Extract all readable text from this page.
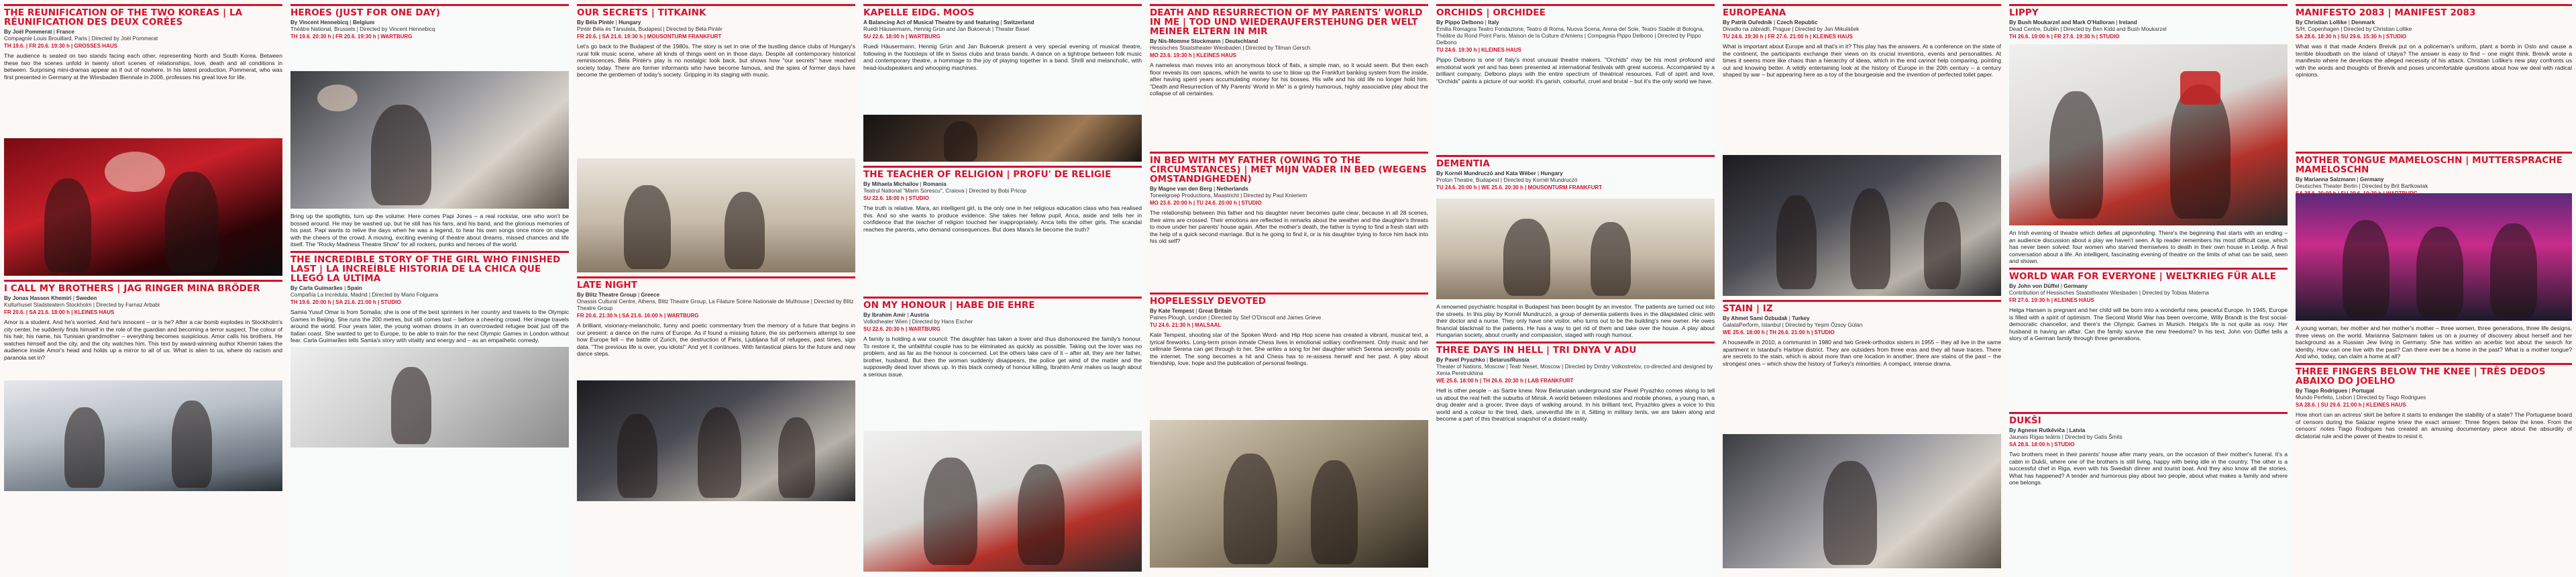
THE REUNIFICATION OF THE TWO KOREAS | LA RÉUNIFICATION DES DEUX CORÉES
By Joël Pommerat | France
Compagnie Louis Brouillard, Paris | Directed by Joël Pommerat
TH 19.6. | FR 20.6. 19:30 h | GROSSES HAUS
The audience is seated on two stands facing each other, representing North and South Korea. Between these two the scenes unfold in twenty short scenes of relationships, love, death and all conditions in between. Surprising mini-dramas appear as if out of nowhere. In his latest production, Pommerat, who was first presented in Germany at the Wiesbaden Biennale in 2006, professes his great love for life.
I CALL MY BROTHERS | JAG RINGER MINA BRÖDER
By Jonas Hassen Khemiri | Sweden
Kulturhuset Stadsteatern Stockholm | Directed by Farnaz Arbabi
FR 20.6. | SA 21.6. 18:00 h | KLEINES HAUS
Amor is a student. And he's worried. And he's innocent – or is he? After a car bomb explodes in Stockholm's city center, he suddenly finds himself in the role of the guardian and becoming a terror suspect. The colour of his hair, his name, his Tunisian grandmother – everything becomes suspicious. Amor calls his brothers. He watches himself and the city, and the city watches him. This text by award-winning author Khemiri takes the audience inside Amor's head and holds up a mirror to all of us. What is alien to us, where do racism and paranoia set in?
HEROES (JUST FOR ONE DAY)
By Vincent Hennebicq | Belgium
Théâtre National, Brussels | Directed by Vincent Hennebicq
TH 19.6. 20:30 h | FR 20.6. 19:30 h | WARTBURG
Bring up the spotlights, turn up the volume: Here comes Papi Jones – a real rockstar, one who won't be bossed around. He may be washed up, but he still has his fans, and his band, and the glorious memories of his past. Papi wants to relive the days when he was a legend, to hear his own songs once more on stage with the cheers of the crowd. A moving, exciting evening of theatre about dreams, missed chances and life itself. The "Rocky Madness Theatre Show" for all rockers, punks and heroes of the world.
THE INCREDIBLE STORY OF THE GIRL WHO FINISHED LAST | LA INCREÍBLE HISTORIA DE LA CHICA QUE LLEGÓ LA ÚLTIMA
By Carla Guimarães | Spain
Compañía La Incrédula, Madrid | Directed by Mario Folguera
TH 19.6. 20:00 h | SA 21.6. 21:00 h | STUDIO
Samia Yusuf Omar is from Somalia; she is one of the best sprinters in her country and travels to the Olympic Games in Beijing. She runs the 200 metres, but still comes last – before a cheering crowd. Her image travels around the world. Four years later, the young woman drowns in an overcrowded refugee boat just off the Italian coast. She wanted to get to Europe, to be able to train for the next Olympic Games in London without fear. Carla Guimarães tells Samia's story with vitality and energy and – as an empathetic comedy.
OUR SECRETS | TITKAINK
By Béla Pintér | Hungary
Pintér Béla és Társulata, Budapest | Directed by Béla Pintér
FR 20.6. | SA 21.6. 19:30 h | MOUSONTURM FRANKFURT
Let's go back to the Budapest of the 1980s. The story is set in one of the bustling dance clubs of Hungary's rural folk music scene, where all kinds of things went on in those days. Despite all contemporary historical reminiscences, Béla Pintér's play is no nostalgic look back, but shows how "our secrets" have reached society today. There are former informants who have become famous, and the spies of former days have become the gentlemen of today's society. Gripping in its staging with music.
LATE NIGHT
By Blitz Theatre Group | Greece
Onassis Cultural Centre, Athens, Blitz Theatre Group, La Filature Scène Nationale de Mulhouse | Directed by Blitz Theatre Group
FR 20.6. 21:30 h | SA 21.6. 16:00 h | WARTBURG
A brilliant, visionary-melancholic, funny and poetic commentary from the memory of a future that begins in our present: a dance on the ruins of Europe. As if found a missing future, the six performers attempt to see how Europe fell – the battle of Zurich, the destruction of Paris, Ljubljana full of refugees, past times, sign data. "The previous life is over, you idiots!" And yet it continues. With fantastical plans for the future and new dance steps.
KAPELLE EIDG. MOOS
A Balancing Act of Musical Theatre by and featuring | Switzerland
Ruedi Häusermann, Hennig Grün and Jan Bukoeruk | Theater Basel
SU 22.6. 18:00 h | WARTBURG
Ruedi Häusermann, Hennig Grün and Jan Bukoeruk present a very special evening of musical theatre, following in the footsteps of life in Swiss clubs and brass bands. A dance on a tightrope between folk music and contemporary theatre, a hommage to the joy of playing together in a band. Shrill and melancholic, with head-loudspeakers and whooping machines.
THE TEACHER OF RELIGION | PROFU' DE RELIGIE
By Mihaela Michailov | Romania
Teatrul National "Marin Sorescu", Craiova | Directed by Bobi Pricop
SU 22.6. 18:00 h | STUDIO
The truth is relative. Mara, an intelligent girl, is the only one in her religious education class who has realised this. And so she wants to produce evidence. She takes her fellow pupil, Anca, aside and tells her in confidence that the teacher of religion touched her inappropriately. Anca tells the other girls. The scandal reaches the parents, who demand consequences. But does Mara's lie become the truth?
ON MY HONOUR | HABE DIE EHRE
By Ibrahim Amir | Austria
Volkstheater Wien | Directed by Hans Escher
SU 22.6. 20:30 h | WARTBURG
A family is holding a war council: The daughter has taken a lover and thus dishonoured the family's honour. To restore it, the unfaithful couple has to be eliminated as quickly as possible. Taking out the lover was no problem, and as far as the honour is concerned. Let the others take care of it – after all, they are her father, brother, husband. But then the woman suddenly disappears, the police get wind of the matter and the supposedly dead lover shows up. In this black comedy of honour killing, Ibrahim Amir makes us laugh about a serious issue.
DEATH AND RESURRECTION OF MY PARENTS' WORLD IN ME | TOD UND WIEDERAUFERSTEHUNG DER WELT MEINER ELTERN IN MIR
By Nis-Momme Stockmann | Deutschland
Hessisches Staatstheater Wiesbaden | Directed by Tilman Gersch
MO 23.6. 19:30 h | KLEINES HAUS
A nameless man moves into an anonymous block of flats, a simple man, so it would seem. But then each floor reveals its own spaces, which he wants to use to blow up the Frankfurt banking system from the inside, after having spent years accumulating money for his bosses. His wife and his old life no longer hold him. "Death and Resurrection of My Parents' World in Me" is a grimly humorous, highly associative play about the collapse of all certainties.
IN BED WITH MY FATHER (OWING TO THE CIRCUMSTANCES) | MET MIJN VADER IN BED (WEGENS OMSTANDIGHEDEN)
By Magne van den Berg | Netherlands
Toneelgroep Productions, Maastricht | Directed by Paul Knieriem
MO 23.6. 20:00 h | TU 24.6. 20:00 h | STUDIO
The relationship between this father and his daughter never becomes quite clear, because in all 28 scenes, their aims are crossed. Their emotions are reflected in remarks about the weather and the daughter's threats to move under her parents' house again. After the mother's death, the father is trying to find a fresh start with the help of a quick second marriage. But is he going to find it, or is his daughter trying to force him back into his old self?
HOPELESSLY DEVOTED
By Kate Tempest | Great Britain
Paines Plough, London | Directed by Stef O'Driscoll and James Grieve
TU 24.6. 21:30 h | MALSAAL
Kate Tempest, shooting star of the Spoken Word- and Hip Hop scene has created a vibrant, musical text, a lyrical fireworks. Long-term prison inmate Chess lives in emotional solitary confinement. Only music and her cellmate Serena can get through to her. She writes a song for her daughter which Serena secretly posts on the internet. The song becomes a hit and Chess has to re-assess herself and her past. A play about friendship, love, hope and the publication of personal feelings.
ORCHIDS | ORCHIDEE
By Pippo Delbono | Italy
Emilia Romagna Teatro Fondazione, Teatro di Roma, Nuova Scena, Arena del Sole, Teatro Stabile di Bologna, Théâtre du Rond Point Paris, Maison de la Culture d'Amiens | Compagnia Pippo Delbono | Directed by Pippo Delbono
TU 24.6. 19:30 h | KLEINES HAUS
Pippo Delbono is one of Italy's most unusual theatre makers. "Orchids" may be his most profound and emotional work yet and has been presented at international festivals with great success. Accompanied by a brilliant company, Delbono plays with the entire spectrum of theatrical resources. Full of spirit and love, "Orchids" paints a picture of our world: it's garish, colourful, cruel and brutal – but it's the only world we have.
DEMENTIA
By Kornél Mundruczó and Kata Wéber | Hungary
Proton Theatre, Budapest | Directed by Kornél Mundruczó
TU 24.6. 20:00 h | WE 25.6. 20:30 h | MOUSONTURM FRANKFURT
A renowned psychiatric hospital in Budapest has been bought by an investor. The patients are turned out into the streets. In this play by Kornél Mundruczó, a group of dementia patients lives in the dilapidated clinic with their doctor and a nurse. They only have one visitor, who turns out to be the building's new owner. He owes financial blackmail to the patients. He has a way to get rid of them and take over the house. A play about Hungarian society, about cruelty and compassion, staged with rough humour.
THREE DAYS IN HELL | TRI DNYA V ADU
By Pavel Pryazhko | Belarus/Russia
Theater of Nations, Moscow | Teatr Neset, Moscow | Directed by Dmitry Volkostrelov, co-directed and designed by Xenia Peretrukhina
WE 25.6. 18:00 h | TH 26.6. 20:30 h | LAB FRANKFURT
Hell is other people – as Sartre knew. Now Belarusian underground star Pavel Pryazhko comes along to tell us about the real hell: the suburbs of Minsk. A world between milestones and mobile phones, a young man, a drug dealer and a grocer, three days of walking around. In his brilliant text, Pryazhko gives a voice to this world and a colour to the tired, dark, uneventful life in it. Sitting in military tents, we are taken along and become a part of this theatrical snapshot of a distant reality.
EUROPEANA
By Patrik Ouředník | Czech Republic
Divadlo na zábradlí, Prague | Directed by Jan Mikulášek
TU 24.6. 19:30 h | FR 27.6. 21:00 h | KLEINES HAUS
What is important about Europe and all that's in it? This play has the answers. At a conference on the state of the continent, the participants exchange their views on its crucial inventions, events and personalities. At times it seems more like chaos than a hierarchy of ideas, which in the end cannot help comparing, pointing out and knowing better. A wildly entertaining look at the history of Europe in the 20th century – a century shaped by war – but appearing here as a toy of the bourgeoisie and the invention of perfected toilet paper.
STAIN | IZ
By Ahmet Sami Özbudak | Turkey
GalataPerform, Istanbul | Directed by Yeşim Özsoy Gülan
WE 25.6. 18:00 h | TH 26.6. 21:00 h | STUDIO
A housewife in 2010, a communist in 1980 and two Greek-orthodox sisters in 1955 – they all live in the same apartment in Istanbul's Harbiye district. They are outsiders from three eras and they all have traces. There are secrets to the stain, which is about more than one location in another; there are stains of the past – the strongest ones – which show the history of Turkey's minorities. A compact, intense drama.
LIPPY
By Bush Moukarzel and Mark O'Halloran | Ireland
Dead Centre, Dublin | Directed by Ben Kidd and Bush Moukarzel
TH 26.6. 19:00 h | FR 27.6. 19:30 h | STUDIO
An Irish evening of theatre which defies all pigeonholing. There's the beginning that starts with an ending – an audience discussion about a play we haven't seen. A lip reader remembers his most difficult case, which has never been solved: four women who starved themselves to death in their own house in Leixlip. A final conversation about a life. An intelligent, fascinating evening of theatre on the limits of what can be said, seen and shown.
WORLD WAR FOR EVERYONE | WELTKRIEG FÜR ALLE
By John von Düffel | Germany
Contribution of Hessisches Staatstheater Wiesbaden | Directed by Tobias Materna
FR 27.6. 19:30 h | KLEINES HAUS
Helga Hansen is pregnant and her child will be born into a wonderful new, peaceful Europe. In 1945, Europe is filled with a spirit of optimism. The Second World War has been overcome, Willy Brandt is the first social-democratic chancellor, and there's the Olympic Games in Munich. Helga's life is not quite as rosy. Her husband is having an affair. Can the family survive the new freedoms? In his text, John von Düffel tells a story of a German family through three generations.
DUKŠI
By Agnese Rutkēviča | Latvia
Jaunais Rīgas teātris | Directed by Gatis Šmits
SA 28.6. 18:00 h | STUDIO
Two brothers meet in their parents' house after many years, on the occasion of their mother's funeral. It's a cabin in Dukši, where one of the brothers is still living, happy with being idle in the country. The other is a successful chef in Riga, even with his Swedish dinner and tourist boat. And they also know all the stories. What has happened? A tender and humorous play about two people, about what makes a family and where one belongs.
MANIFESTO 2083 | MANIFEST 2083
By Christian Lollike | Denmark
S/H, Copenhagen | Directed by Christian Lollike
SA 28.6. 18:30 h | SU 29.6. 15:30 h | STUDIO
What was it that made Anders Breivik put on a policeman's uniform, plant a bomb in Oslo and cause a terrible bloodbath on the island of Utøya? The answer is easy to find – one might think. Breivik wrote a manifesto where he develops the alleged necessity of his attack. Christian Lollike's new play confronts us with the words and thoughts of Breivik and poses uncomfortable questions about how we deal with radical opinions.
MOTHER TONGUE MAMELOSCHN | MUTTERSPRACHE MAMELOSCHN
By Marianna Salzmann | Germany
Deutsches Theater Berlin | Directed by Brit Bartkowiak
A young woman, her mother and her mother's mother – three women, three generations, three life designs, three views on the world. Marianna Salzmann takes us on a journey of discovery about herself and her background as a Russian Jew living in Germany. She has written an acerbic text about the search for identity. How can one live with the past? Can there ever be a home in the past? What is a mother tongue? And who, today, can claim a home at all?
THREE FINGERS BELOW THE KNEE | TRÊS DEDOS ABAIXO DO JOELHO
By Tiago Rodrigues | Portugal
Mundo Perfeito, Lisbon | Directed by Tiago Rodrigues
SA 28.6. | SU 29.6. 21:00 h | KLEINES HAUS
How short can an actress' skirt be before it starts to endanger the stability of a state? The Portuguese board of censors during the Salazar regime knew the exact answer: Three fingers below the knee. From the censors' notes Tiago Rodrigues has created an amusing documentary piece about the absurdity of dictatorial rule and the power of theatre to resist it.
